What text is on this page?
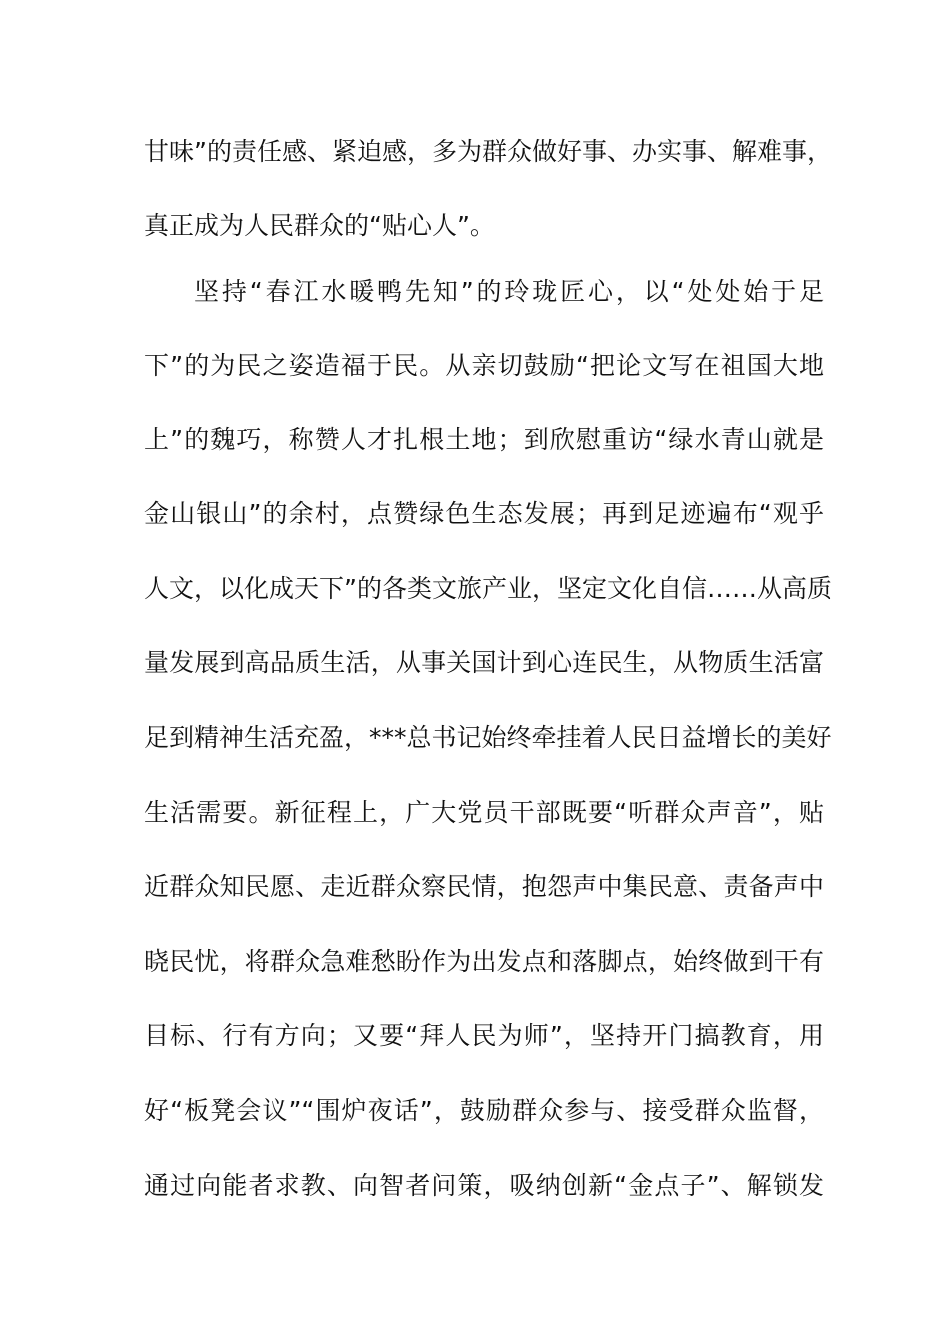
甘味”的责任感、紧迫感，多为群众做好事、办实事、解难事，
真正成为人民群众的“贴心人”。
坚持“春江水暖鸭先知”的玲珑匠心，以“处处始于足
下”的为民之姿造福于民。从亲切鼓励“把论文写在祖国大地
上”的魏巧，称赞人才扎根土地；到欣慰重访“绿水青山就是
金山银山”的余村，点赞绿色生态发展；再到足迹遍布“观乎
人文，以化成天下”的各类文旅产业，坚定文化自信……从高质
量发展到高品质生活，从事关国计到心连民生，从物质生活富
足到精神生活充盈，***总书记始终牵挂着人民日益增长的美好
生活需要。新征程上，广大党员干部既要“听群众声音”，贴
近群众知民愿、走近群众察民情，抱怨声中集民意、责备声中
晓民忧，将群众急难愁盼作为出发点和落脚点，始终做到干有
目标、行有方向；又要“拜人民为师”，坚持开门搞教育，用
好“板凳会议”“围炉夜话”，鼓励群众参与、接受群众监督，
通过向能者求教、向智者问策，吸纳创新“金点子”、解锁发
